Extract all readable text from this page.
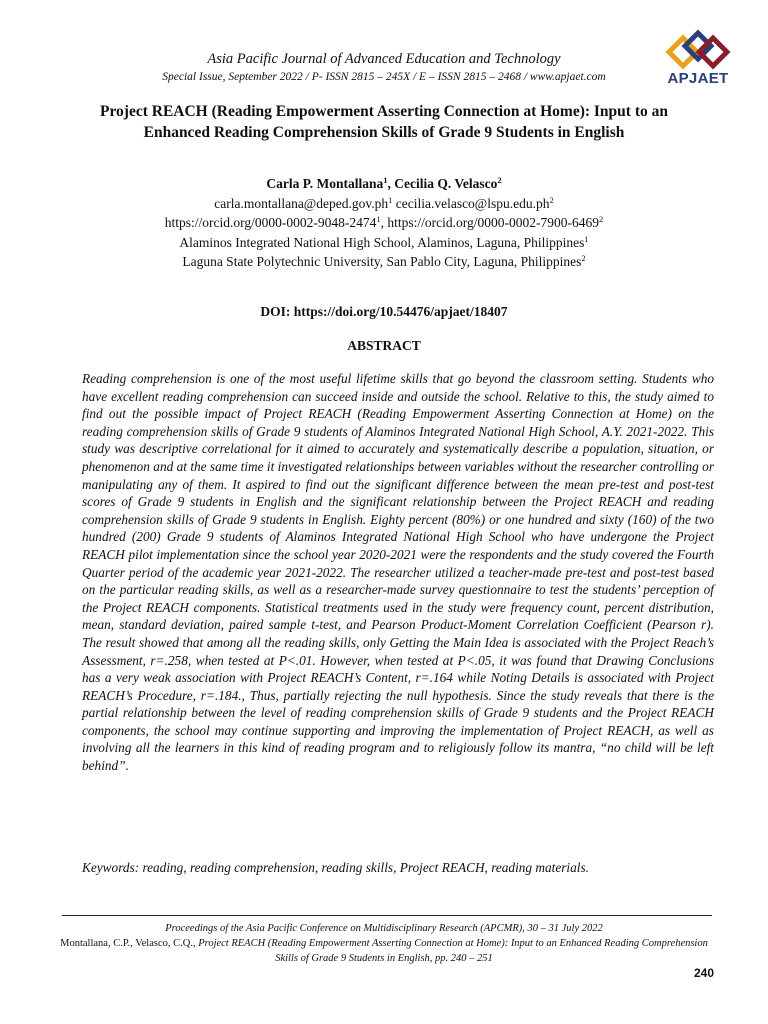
Asia Pacific Journal of Advanced Education and Technology
Special Issue, September 2022 / P- ISSN 2815 – 245X / E – ISSN 2815 – 2468 / www.apjaet.com	APJAET
Project REACH (Reading Empowerment Asserting Connection at Home): Input to an Enhanced Reading Comprehension Skills of Grade 9 Students in English
Carla P. Montallana$^1$, Cecilia Q. Velasco$^2$
$carla.montallana@deped.gov.ph^1$ $cecilia.velasco@lspu.edu.ph^2$
https://orcid.org/0000-0002-9048-2474$^1$, https://orcid.org/0000-0002-7900-6469$^2$
Alaminos Integrated National High School, Alaminos, Laguna, Philippines$^1$
Laguna State Polytechnic University, San Pablo City, Laguna, Philippines$^2$
DOI: https://doi.org/10.54476/apjaet/18407
ABSTRACT

Reading comprehension is one of the most useful lifetime skills that go beyond the classroom setting. Students who have excellent reading comprehension can succeed inside and outside the school. Relative to this, the study aimed to find out the possible impact of Project REACH (Reading Empowerment Asserting Connection at Home) on the reading comprehension skills of Grade 9 students of Alaminos Integrated National High School, A.Y. 2021-2022. This study was descriptive correlational for it aimed to accurately and systematically describe a population, situation, or phenomenon and at the same time it investigated relationships between variables without the researcher controlling or manipulating any of them. It aspired to find out the significant difference between the mean pre-test and post-test scores of Grade 9 students in English and the significant relationship between the Project REACH and reading comprehension skills of Grade 9 students in English. Eighty percent (80%) or one hundred and sixty (160) of the two hundred (200) Grade 9 students of Alaminos Integrated National High School who have undergone the Project REACH pilot implementation since the school year 2020-2021 were the respondents and the study covered the Fourth Quarter period of the academic year 2021-2022. The researcher utilized a teacher-made pre-test and post-test based on the particular reading skills, as well as a researcher-made survey questionnaire to test the students’ perception of the Project REACH components. Statistical treatments used in the study were frequency count, percent distribution, mean, standard deviation, paired sample t-test, and Pearson Product-Moment Correlation Coefficient (Pearson r). The result showed that among all the reading skills, only Getting the Main Idea is associated with the Project Reach’s Assessment, r=.258, when tested at P<.01. However, when tested at P<.05, it was found that Drawing Conclusions has a very weak association with Project REACH’s Content, r=.164 while Noting Details is associated with Project REACH’s Procedure, r=.184., Thus, partially rejecting the null hypothesis. Since the study reveals that there is the partial relationship between the level of reading comprehension skills of Grade 9 students and the Project REACH components, the school may continue supporting and improving the implementation of Project REACH, as well as involving all the learners in this kind of reading program and to religiously follow its mantra, “no child will be left behind”.

Keywords: reading, reading comprehension, reading skills, Project REACH, reading materials.

Proceedings of the Asia Pacific Conference on Multidisciplinary Research (APCMR), 30 – 31 July 2022
Montallana, C.P., Velasco, C.Q., Project REACH (Reading Empowerment Asserting Connection at Home): Input to an Enhanced Reading Comprehension Skills of Grade 9 Students in English, pp. 240 – 251
240
